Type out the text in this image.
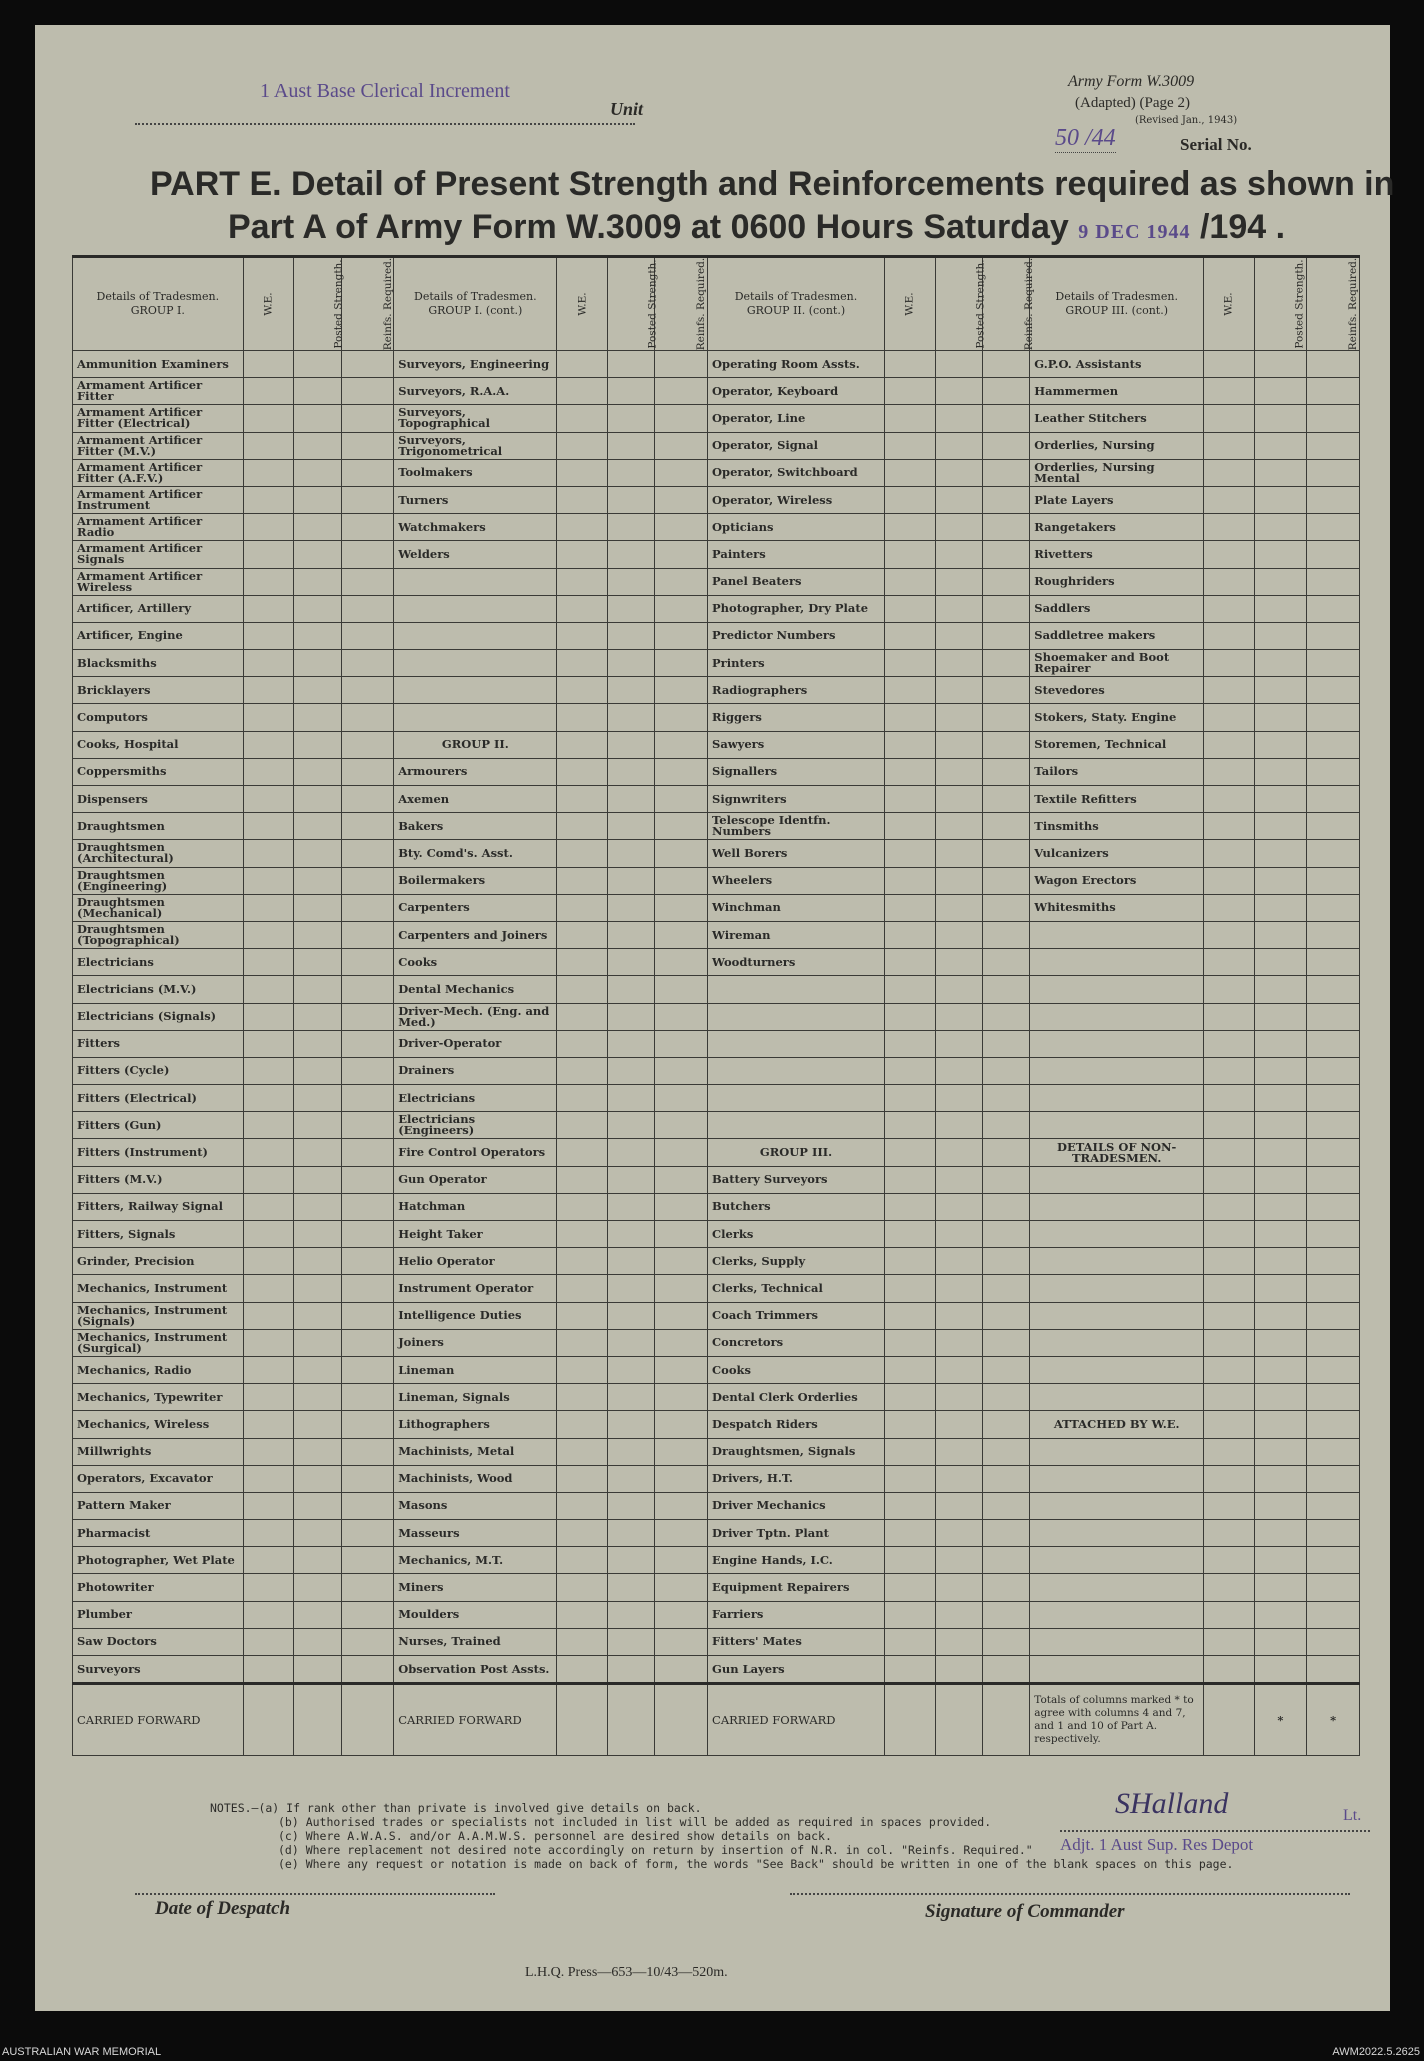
1 Aust Base Clerical Increment
Unit
Army Form W.3009
(Adapted) (Page 2)
(Revised Jan., 1943)
50 /44	Serial No.
PART E. Detail of Present Strength and Reinforcements required as shown in
Part A of Army Form W.3009 at 0600 Hours Saturday 9 DEC 1944 /194 .
Details of Tradesmen. GROUP I.	W.E.	Posted Strength.	Reinfs. Required.	Details of Tradesmen. GROUP I. (cont.)	W.E.	Posted Strength.	Reinfs. Required.	Details of Tradesmen. GROUP II. (cont.)	W.E.	Posted Strength.	Reinfs. Required.	Details of Tradesmen. GROUP III. (cont.)	W.E.	Posted Strength.	Reinfs. Required.
Ammunition Examiners				Surveyors, Engineering				Operating Room Assts.				G.P.O. Assistants			
Armament Artificer Fitter				Surveyors, R.A.A.				Operator, Keyboard				Hammermen			
Armament Artificer Fitter (Electrical)				Surveyors, Topographical				Operator, Line				Leather Stitchers			
Armament Artificer Fitter (M.V.)				Surveyors, Trigonometrical				Operator, Signal				Orderlies, Nursing			
Armament Artificer Fitter (A.F.V.)				Toolmakers				Operator, Switchboard				Orderlies, Nursing Mental			
Armament Artificer Instrument				Turners				Operator, Wireless				Plate Layers			
Armament Artificer Radio				Watchmakers				Opticians				Rangetakers			
Armament Artificer Signals				Welders				Painters				Rivetters			
Armament Artificer Wireless								Panel Beaters				Roughriders			
Artificer, Artillery								Photographer, Dry Plate				Saddlers			
Artificer, Engine								Predictor Numbers				Saddletree makers			
Blacksmiths								Printers				Shoemaker and Boot Repairer			
Bricklayers								Radiographers				Stevedores			
Computors								Riggers				Stokers, Staty. Engine			
Cooks, Hospital				GROUP II.				Sawyers				Storemen, Technical			
Coppersmiths				Armourers				Signallers				Tailors			
Dispensers				Axemen				Signwriters				Textile Refitters			
Draughtsmen				Bakers				Telescope Identfn. Numbers				Tinsmiths			
Draughtsmen (Architectural)				Bty. Comd's. Asst.				Well Borers				Vulcanizers			
Draughtsmen (Engineering)				Boilermakers				Wheelers				Wagon Erectors			
Draughtsmen (Mechanical)				Carpenters				Winchman				Whitesmiths			
Draughtsmen (Topographical)				Carpenters and Joiners				Wireman							
Electricians				Cooks				Woodturners							
Electricians (M.V.)				Dental Mechanics											
Electricians (Signals)				Driver-Mech. (Eng. and Med.)											
Fitters				Driver-Operator											
Fitters (Cycle)				Drainers											
Fitters (Electrical)				Electricians											
Fitters (Gun)				Electricians (Engineers)											
Fitters (Instrument)				Fire Control Operators				GROUP III.				DETAILS OF NON-TRADESMEN.			
Fitters (M.V.)				Gun Operator				Battery Surveyors							
Fitters, Railway Signal				Hatchman				Butchers							
Fitters, Signals				Height Taker				Clerks							
Grinder, Precision				Helio Operator				Clerks, Supply							
Mechanics, Instrument				Instrument Operator				Clerks, Technical							
Mechanics, Instrument (Signals)				Intelligence Duties				Coach Trimmers							
Mechanics, Instrument (Surgical)				Joiners				Concretors							
Mechanics, Radio				Lineman				Cooks							
Mechanics, Typewriter				Lineman, Signals				Dental Clerk Orderlies							
Mechanics, Wireless				Lithographers				Despatch Riders				ATTACHED BY W.E.			
Millwrights				Machinists, Metal				Draughtsmen, Signals							
Operators, Excavator				Machinists, Wood				Drivers, H.T.							
Pattern Maker				Masons				Driver Mechanics							
Pharmacist				Masseurs				Driver Tptn. Plant							
Photographer, Wet Plate				Mechanics, M.T.				Engine Hands, I.C.							
Photowriter				Miners				Equipment Repairers							
Plumber				Moulders				Farriers							
Saw Doctors				Nurses, Trained				Fitters' Mates							
Surveyors				Observation Post Assts.				Gun Layers							
CARRIED FORWARD				CARRIED FORWARD				CARRIED FORWARD				Totals of columns marked * to agree with columns 4 and 7, and 1 and 10 of Part A. respectively.		*	*
NOTES.—(a) If rank other than private is involved give details on back.
(b) Authorised trades or specialists not included in list will be added as required in spaces provided.
(c) Where A.W.A.S. and/or A.A.M.W.S. personnel are desired show details on back.
(d) Where replacement not desired note accordingly on return by insertion of N.R. in col. "Reinfs. Required."
(e) Where any request or notation is made on back of form, the words "See Back" should be written in one of the blank spaces on this page.
SHalland	Lt.
Adjt. 1 Aust Sup. Res Depot
Date of Despatch	Signature of Commander
L.H.Q. Press—653—10/43—520m.
AUSTRALIAN WAR MEMORIAL	AWM2022.5.2625
